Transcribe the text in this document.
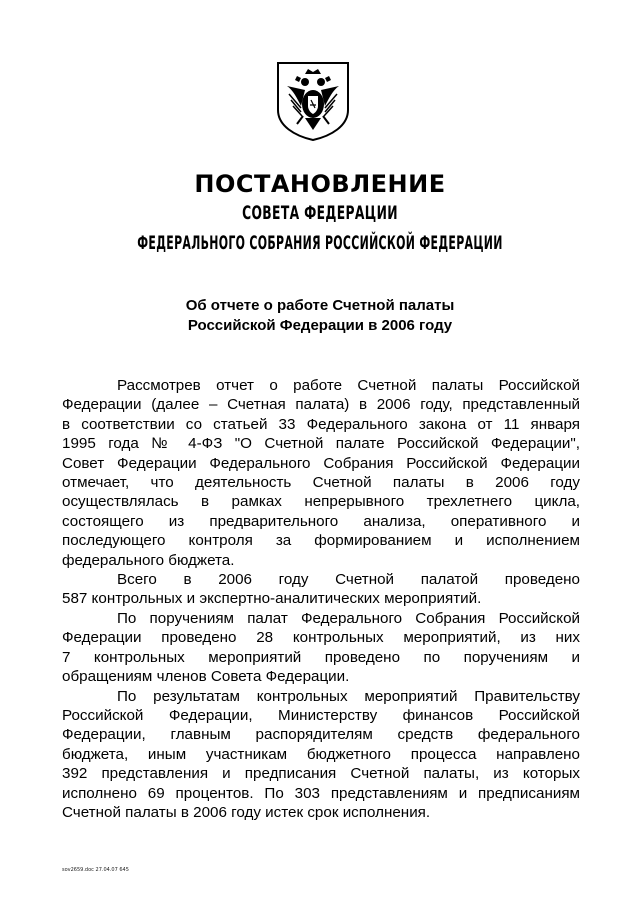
ПОСТАНОВЛЕНИЕ
СОВЕТА ФЕДЕРАЦИИ
ФЕДЕРАЛЬНОГО СОБРАНИЯ РОССИЙСКОЙ ФЕДЕРАЦИИ
Об отчете о работе Счетной палаты
Российской Федерации в 2006 году

Рассмотрев отчет о работе Счетной палаты Российской
Федерации (далее – Счетная палата) в 2006 году, представленный
в соответствии со статьей 33 Федерального закона от 11 января
1995 года № 4-ФЗ "О Счетной палате Российской Федерации",
Совет Федерации Федерального Собрания Российской Федерации
отмечает, что деятельность Счетной палаты в 2006 году
осуществлялась в рамках непрерывного трехлетнего цикла,
состоящего из предварительного анализа, оперативного и
последующего контроля за формированием и исполнением
федерального бюджета.

Всего в 2006 году Счетной палатой проведено
587 контрольных и экспертно-аналитических мероприятий.

По поручениям палат Федерального Собрания Российской
Федерации проведено 28 контрольных мероприятий, из них
7 контрольных мероприятий проведено по поручениям и
обращениям членов Совета Федерации.

По результатам контрольных мероприятий Правительству
Российской Федерации, Министерству финансов Российской
Федерации, главным распорядителям средств федерального
бюджета, иным участникам бюджетного процесса направлено
392 представления и предписания Счетной палаты, из которых
исполнено 69 процентов. По 303 представлениям и предписаниям
Счетной палаты в 2006 году истек срок исполнения.

sov2659.doc 27.04.07 645
